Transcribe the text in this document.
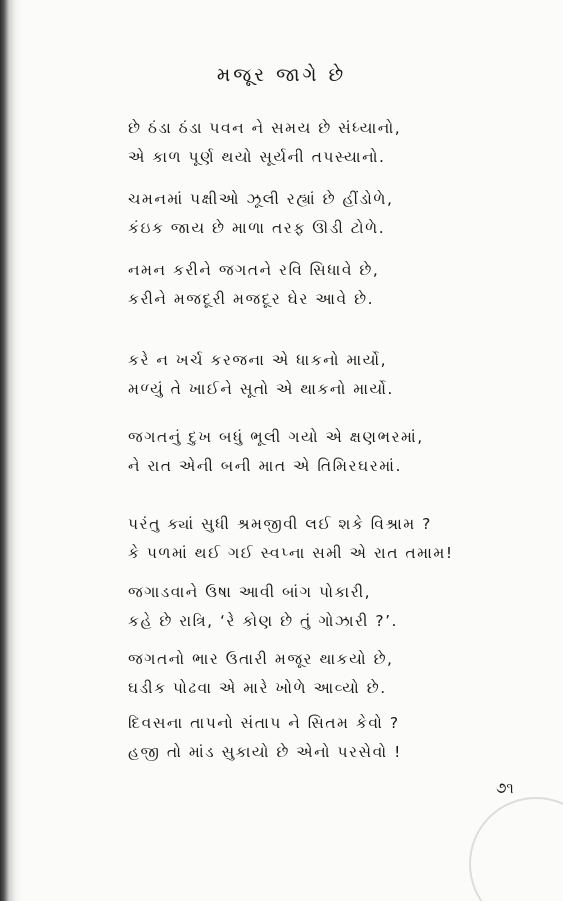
મજૂર જાગે છે
છે ઠંડા ઠંડા પવન ને સમય છે સંધ્યાનો,
એ કાળ પૂર્ણ થયો સૂર્યની તપસ્યાનો.
ચમનમાં પક્ષીઓ ઝૂલી રહ્યાં છે હીંડોળે,
કંઇક જાય છે માળા તરફ ઊડી ટોળે.
નમન કરીને જગતને રવિ સિધાવે છે,
કરીને મજદૂરી મજદૂર ઘેર આવે છે.
કરે ન ખર્ચ કરજના એ ધાકનો માર્યો,
મળ્યું તે ખાઈને સૂતો એ થાકનો માર્યો.
જગતનું દુખ બધું ભૂલી ગયો એ ક્ષણભરમાં,
ને રાત એની બની માત એ તિમિરઘરમાં.
પરંતુ ક્યાં સુધી શ્રમજીવી લઈ શકે વિશ્રામ ?
કે પળમાં થઈ ગઈ સ્વપ્ના સમી એ રાત તમામ!
જગાડવાને ઉષા આવી બાંગ પોકારી,
કહે છે રાત્રિ, ‘રે કોણ છે તું ગોઝારી ?’.
જગતનો ભાર ઉતારી મજૂર થાકયો છે,
ઘડીક પોઢવા એ મારે ખોળે આવ્યો છે.
દિવસના તાપનો સંતાપ ને સિતમ કેવો ?
હજી તો માંડ સુકાયો છે એનો પરસેવો !
૭૧
